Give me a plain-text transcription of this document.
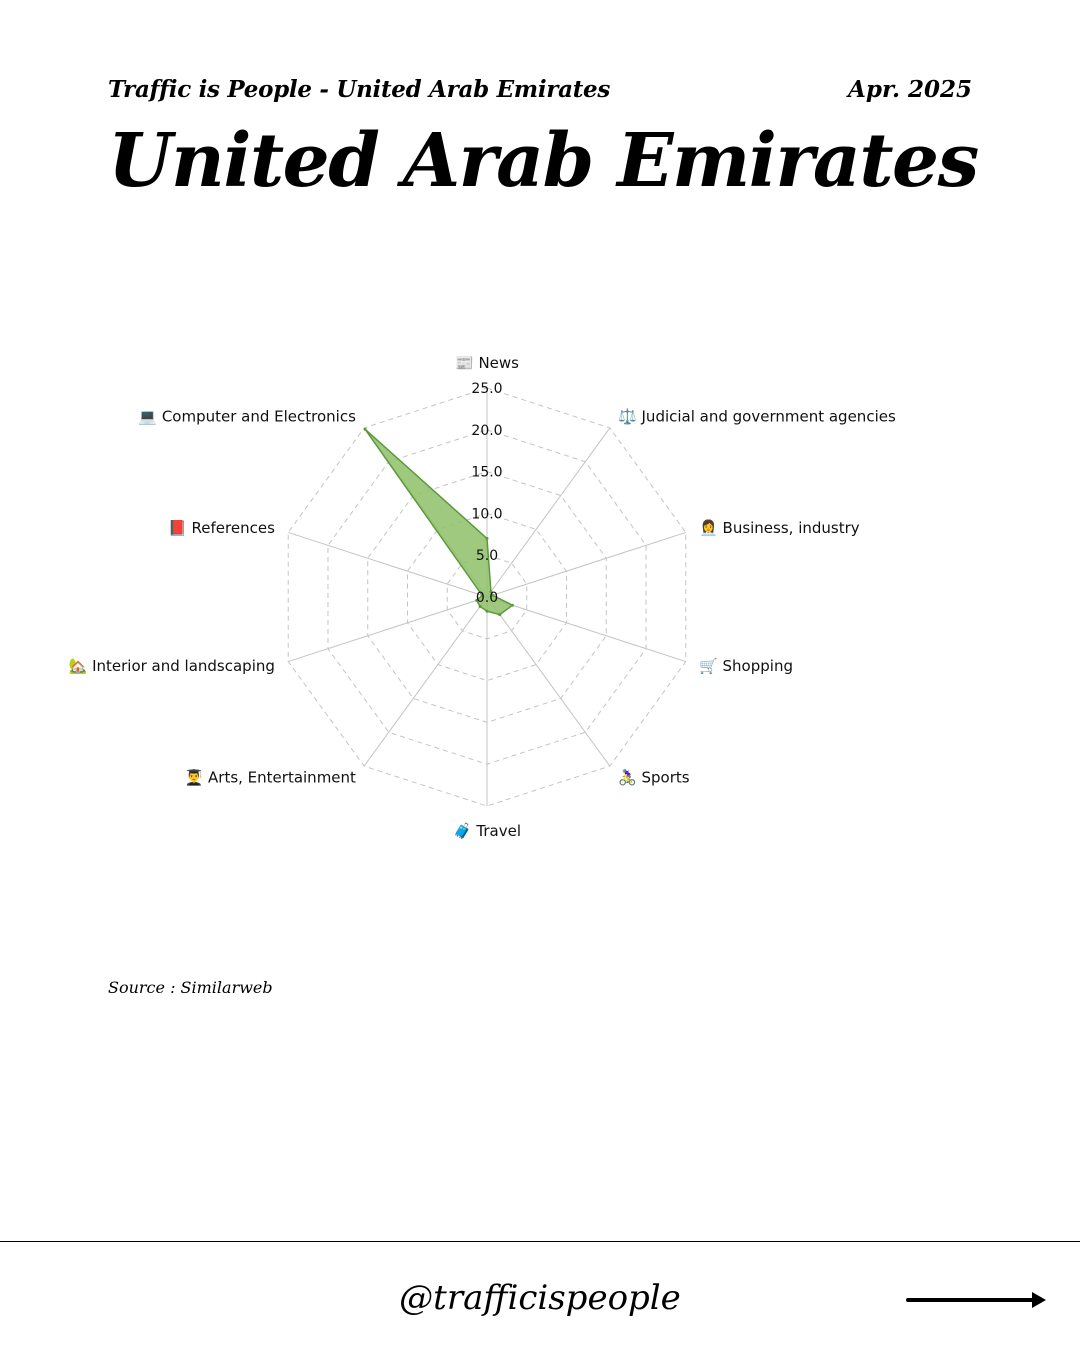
Traffic is People - United Arab Emirates	Apr. 2025
United Arab Emirates
0.0
5.0
10.0
15.0
20.0
25.0
📰 News
⚖️ Judicial and government agencies
👩‍💼 Business, industry
🛒 Shopping
🚴‍♀️ Sports
🧳 Travel
👨‍🎓 Arts, Entertainment
🏡 Interior and landscaping
📕 References
💻 Computer and Electronics
Source : Similarweb
@trafficispeople
